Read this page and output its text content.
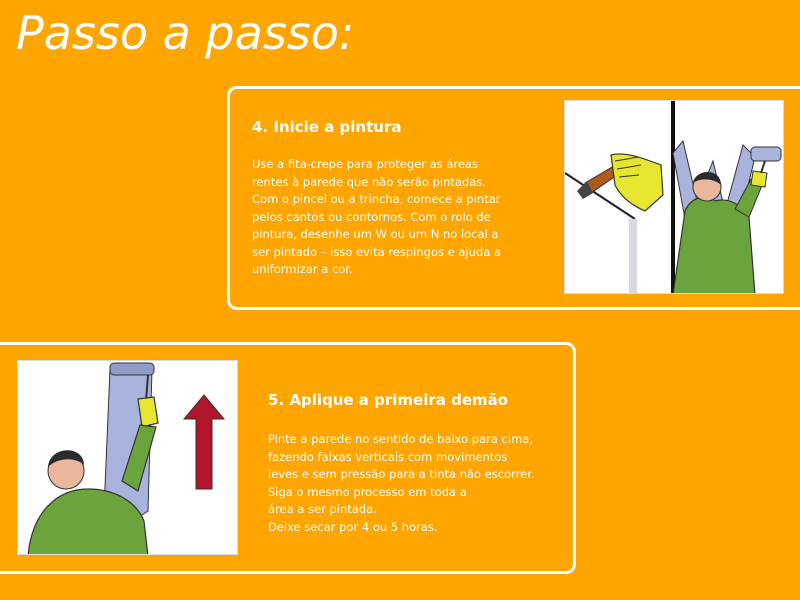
Passo a passo:
4. Inicie a pintura
Use a fita-crepe para proteger as áreas
rentes à parede que não serão pintadas.
Com o pincel ou a trincha, comece a pintar
pelos cantos ou contornos. Com o rolo de
pintura, desenhe um W ou um N no local a
ser pintado – isso evita respingos e ajuda a
uniformizar a cor.
5. Aplique a primeira demão
Pinte a parede no sentido de baixo para cima,
fazendo faixas verticais com movimentos
leves e sem pressão para a tinta não escorrer.
Siga o mesmo processo em toda a
área a ser pintada.
Deixe secar por 4 ou 5 horas.
